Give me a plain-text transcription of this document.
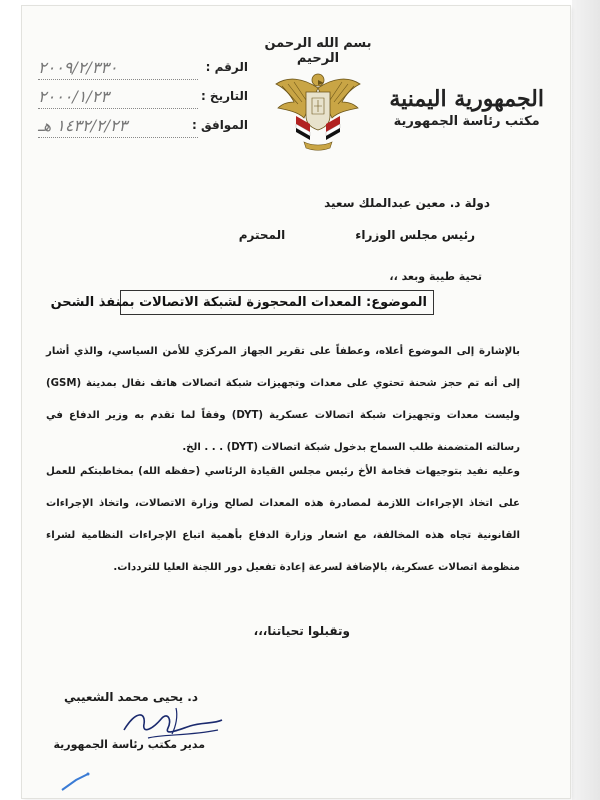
٢٠٠٩/٢/٣٣٠	الرقم :
٢٠٠٠/١/٢٣	التاريخ :
١٤٣٢/٢/٢٣ هـ	الموافق :
بسم الله الرحمن الرحيم
الجمهورية اليمنية
مكتب رئاسة الجمهورية
دولة د. معين عبدالملك سعيد
رئيس مجلس الوزراءالمحترم
تحية طيبة وبعد ،،
الموضوع: المعدات المحجوزة لشبكة الاتصالات بمنفذ الشحن
بالإشارة إلى الموضوع أعلاه، وعطفاً على تقرير الجهاز المركزي للأمن السياسي، والذي أشار إلى أنه تم حجز شحنة تحتوي على معدات وتجهيزات شبكة اتصالات هاتف نقال بمدينة (GSM) وليست معدات وتجهيزات شبكة اتصالات عسكرية (DYT) وفقاً لما تقدم به وزير الدفاع في رسالته المتضمنة طلب السماح بدخول شبكة اتصالات (DYT) . . . الخ.
وعليه نفيد بتوجيهات فخامة الأخ رئيس مجلس القيادة الرئاسي (حفظه الله) بمخاطبتكم للعمل على اتخاذ الإجراءات اللازمة لمصادرة هذه المعدات لصالح وزارة الاتصالات، واتخاذ الإجراءات القانونية تجاه هذه المخالفة، مع اشعار وزارة الدفاع بأهمية اتباع الإجراءات النظامية لشراء منظومة اتصالات عسكرية، بالإضافة لسرعة إعادة تفعيل دور اللجنة العليا للترددات.
وتقبلوا تحياتنا،،،
د. يحيى محمد الشعيبي
مدير مكتب رئاسة الجمهورية
